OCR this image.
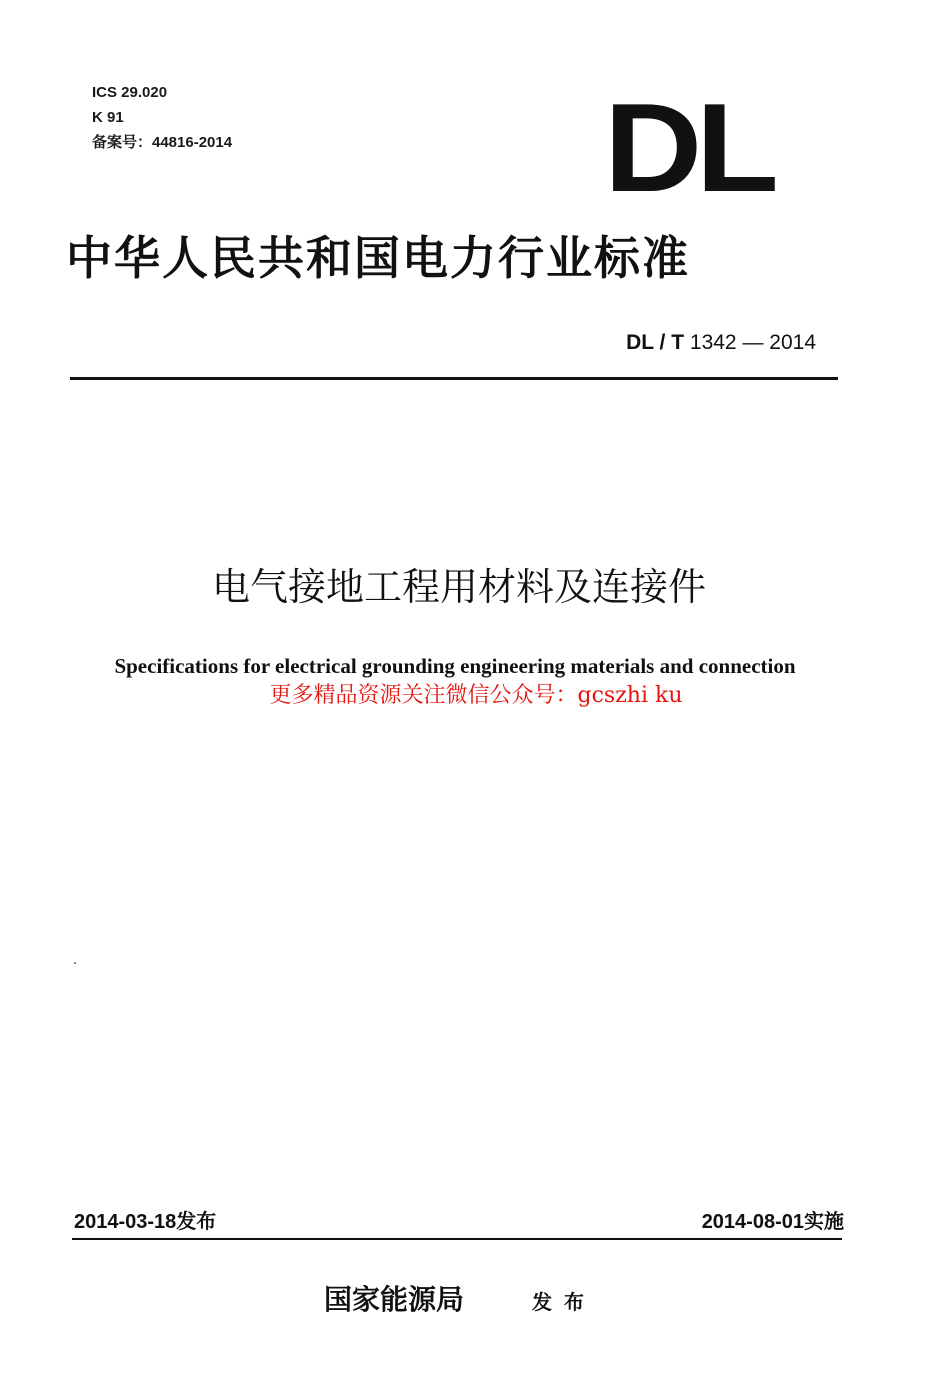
ICS 29.020
K 91
备案号：44816-2014	DL
中华人民共和国电力行业标准
DL / T 1342 — 2014
电气接地工程用材料及连接件
Specifications for electrical grounding engineering materials and connection
更多精品资源关注微信公众号：gcszhi ku
2014-03-18发布	2014-08-01实施
国家能源局	发布
